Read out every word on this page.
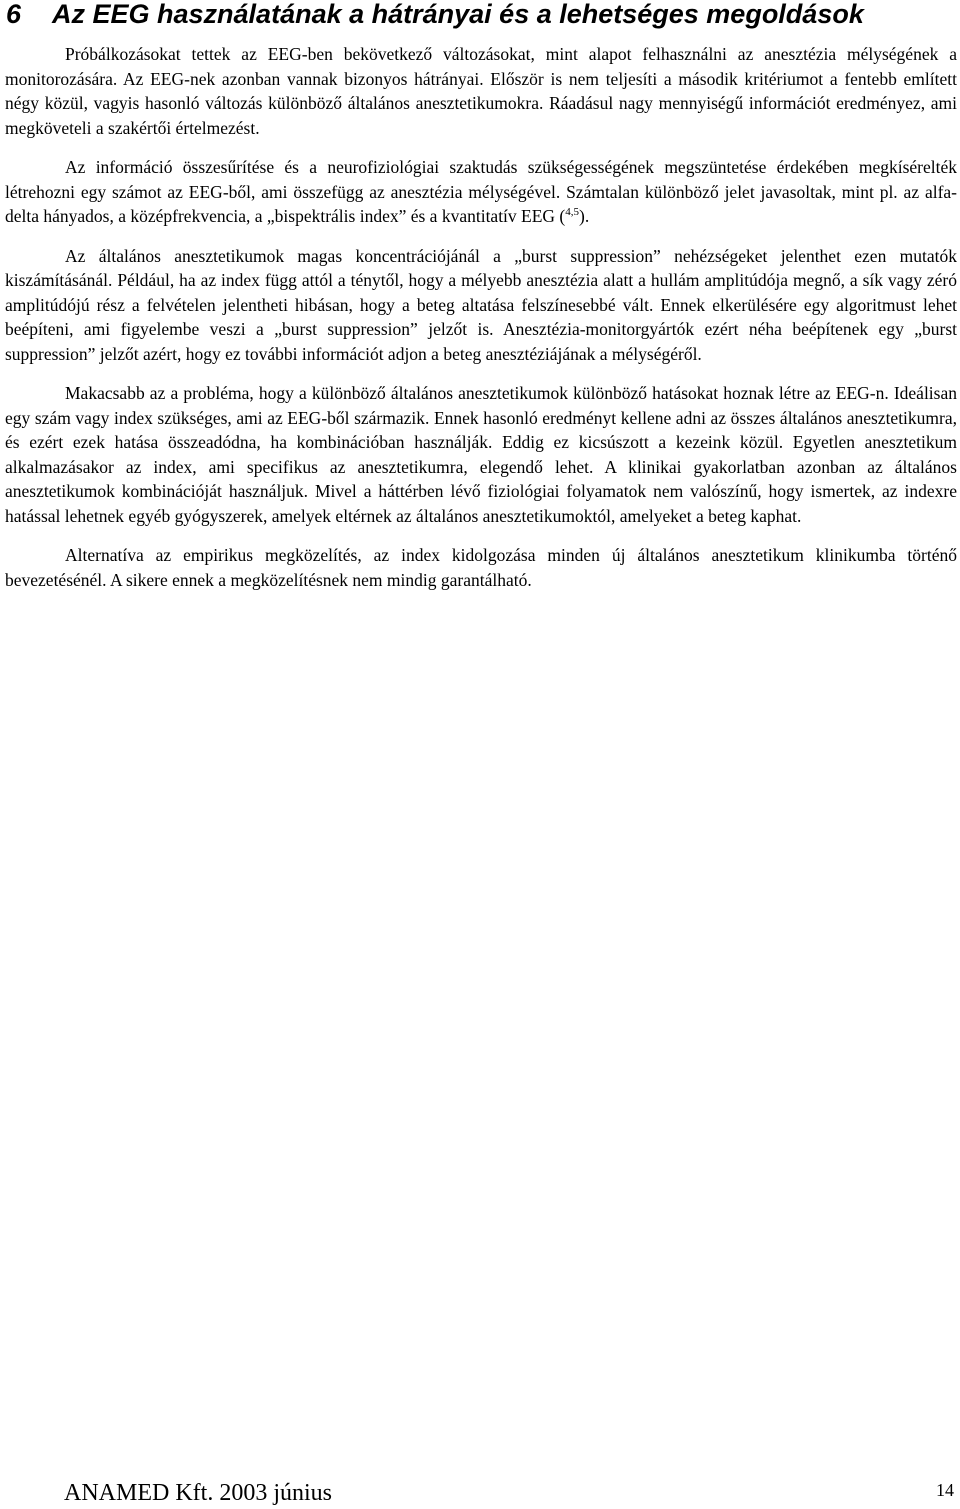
6 Az EEG használatának a hátrányai és a lehetséges megoldások

Próbálkozásokat tettek az EEG-ben bekövetkező változásokat, mint alapot felhasználni az anesztézia mélységének a monitorozására. Az EEG-nek azonban vannak bizonyos hátrányai. Először is nem teljesíti a második kritériumot a fentebb említett négy közül, vagyis hasonló változás különböző általános anesztetikumokra. Ráadásul nagy mennyiségű információt eredményez, ami megköveteli a szakértői értelmezést.

Az információ összesűrítése és a neurofiziológiai szaktudás szükségességének megszüntetése érdekében megkísérelték létrehozni egy számot az EEG-ből, ami összefügg az anesztézia mélységével. Számtalan különböző jelet javasoltak, mint pl. az alfa-delta hányados, a középfrekvencia, a „bispektrális index” és a kvantitatív EEG ($^{4,5}$).

Az általános anesztetikumok magas koncentrációjánál a „burst suppression” nehézségeket jelenthet ezen mutatók kiszámításánál. Például, ha az index függ attól a ténytől, hogy a mélyebb anesztézia alatt a hullám amplitúdója megnő, a sík vagy zéró amplitúdójú rész a felvételen jelentheti hibásan, hogy a beteg altatása felszínesebbé vált. Ennek elkerülésére egy algoritmust lehet beépíteni, ami figyelembe veszi a „burst suppression” jelzőt is. Anesztézia-monitorgyártók ezért néha beépítenek egy „burst suppression” jelzőt azért, hogy ez további információt adjon a beteg anesztéziájának a mélységéről.

Makacsabb az a probléma, hogy a különböző általános anesztetikumok különböző hatásokat hoznak létre az EEG-n. Ideálisan egy szám vagy index szükséges, ami az EEG-ből származik. Ennek hasonló eredményt kellene adni az összes általános anesztetikumra, és ezért ezek hatása összeadódna, ha kombinációban használják. Eddig ez kicsúszott a kezeink közül. Egyetlen anesztetikum alkalmazásakor az index, ami specifikus az anesztetikumra, elegendő lehet. A klinikai gyakorlatban azonban az általános anesztetikumok kombinációját használjuk. Mivel a háttérben lévő fiziológiai folyamatok nem valószínű, hogy ismertek, az indexre hatással lehetnek egyéb gyógyszerek, amelyek eltérnek az általános anesztetikumoktól, amelyeket a beteg kaphat.

Alternatíva az empirikus megközelítés, az index kidolgozása minden új általános anesztetikum klinikumba történő bevezetésénél. A sikere ennek a megközelítésnek nem mindig garantálható.

ANAMED Kft. 2003 június	14
